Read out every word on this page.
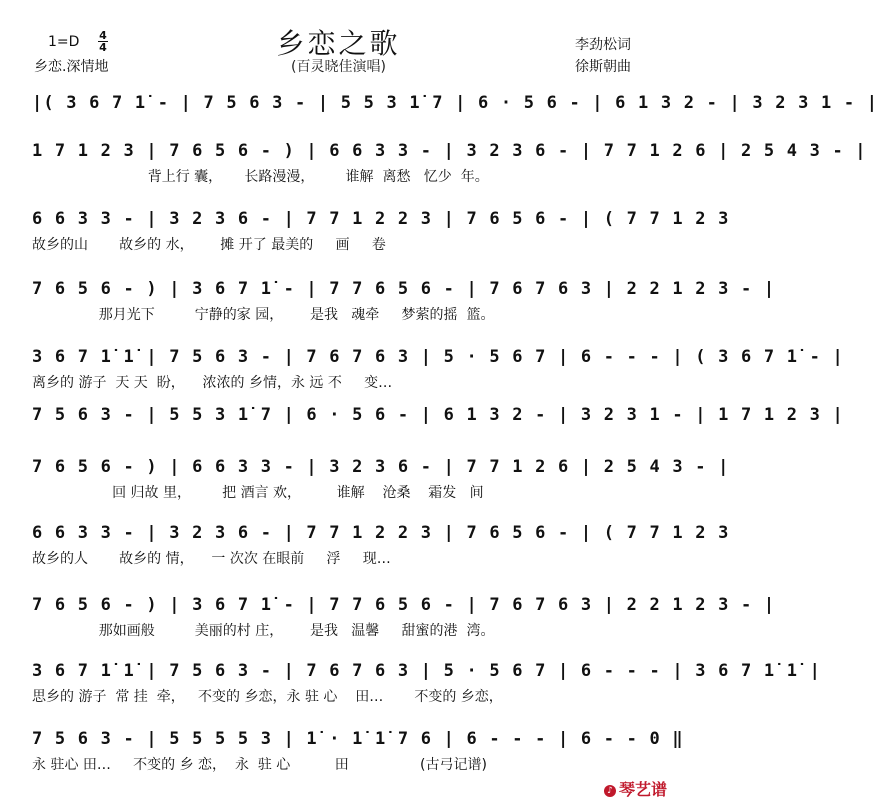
乡恋之歌
(百灵晓佳演唱)
1=D 4
4
乡恋.深情地
李劲松词
徐斯朝曲
|( 3 6 7 1̇ - | 7 5 6 3 - | 5 5 3 1̇ 7 | 6 · 5 6 - | 6 1 3 2 - | 3 2 3 1 - |
1 7 1 2 3 | 7 6 5 6 - ) | 6 6 3 3 - | 3 2 3 6 - | 7 7 1 2 6 | 2 5 4 3 - |
背上行 囊，     长路漫漫，       谁解  离愁   忆少  年。
6 6 3 3 - | 3 2 3 6 - | 7 7 1 2 2 3 | 7 6 5 6 - | ( 7 7 1 2 3
故乡的山       故乡的 水，      摊 开了 最美的     画     卷
7 6 5 6 - ) | 3 6 7 1̇ - | 7 7 6 5 6 - | 7 6 7 6 3 | 2 2 1 2 3 - |
那月光下         宁静的家 园，      是我   魂牵     梦萦的摇  篮。
3 6 7 1̇ 1̇ | 7 5 6 3 - | 7 6 7 6 3 | 5 · 5 6 7 | 6 - - - | ( 3 6 7 1̇ - |
离乡的 游子  天 天  盼，    浓浓的 乡情，永 远 不     变…
7 5 6 3 - | 5 5 3 1̇ 7 | 6 · 5 6 - | 6 1 3 2 - | 3 2 3 1 - | 1 7 1 2 3 |
7 6 5 6 - ) | 6 6 3 3 - | 3 2 3 6 - | 7 7 1 2 6 | 2 5 4 3 - |
回 归故 里，       把 酒言 欢，        谁解    沧桑    霜发   间
6 6 3 3 - | 3 2 3 6 - | 7 7 1 2 2 3 | 7 6 5 6 - | ( 7 7 1 2 3
故乡的人       故乡的 情，    一 次次 在眼前     浮     现…
7 6 5 6 - ) | 3 6 7 1̇ - | 7 7 6 5 6 - | 7 6 7 6 3 | 2 2 1 2 3 - |
那如画般         美丽的村 庄，      是我   温馨     甜蜜的港  湾。
3 6 7 1̇ 1̇ | 7 5 6 3 - | 7 6 7 6 3 | 5 · 5 6 7 | 6 - - - | 3 6 7 1̇ 1̇ |
思乡的 游子  常 挂  牵，   不变的 乡恋，永 驻 心    田…       不变的 乡恋，
7 5 6 3 - | 5 5 5 5 3 | 1̇ · 1̇ 1̇ 7 6 | 6 - - - | 6 - - 0 ‖
永 驻心 田…     不变的 乡 恋，  永  驻 心          田                (古弓记谱)
♪ 琴艺谱
